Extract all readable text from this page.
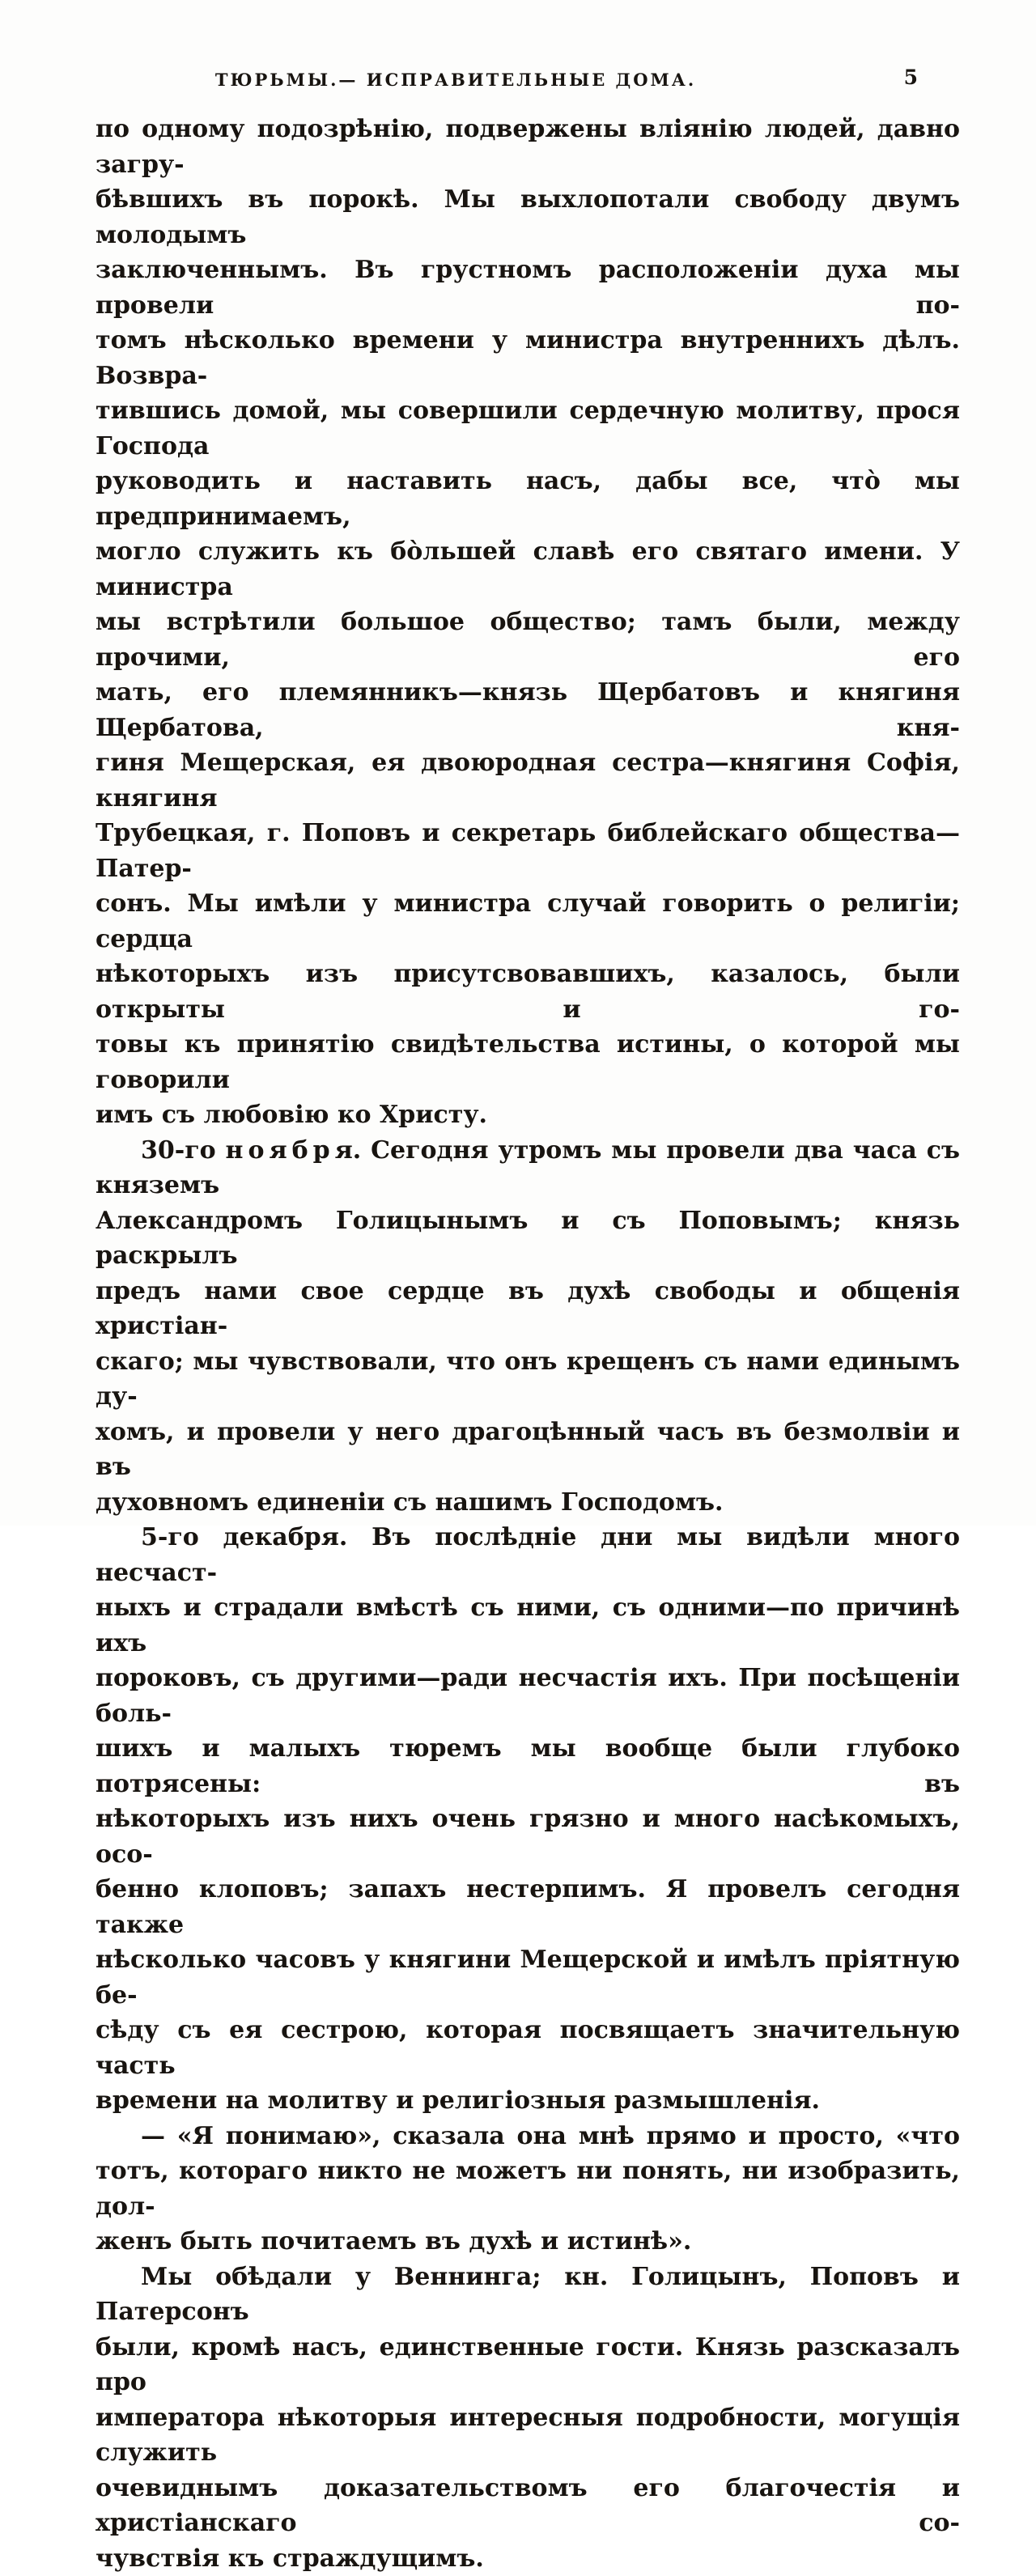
ТЮРЬМЫ.— ИСПРАВИТЕЛЬНЫЕ ДОМА.	5
по одному подозрѣнію, подвержены вліянію людей, давно загру-
бѣвшихъ въ порокѣ. Мы выхлопотали свободу двумъ молодымъ
заключеннымъ. Въ грустномъ расположеніи духа мы провели по-
томъ нѣсколько времени у министра внутреннихъ дѣлъ. Возвра-
тившись домой, мы совершили сердечную молитву, прося Господа
руководить и наставить насъ, дабы все, что̀ мы предпринимаемъ,
могло служить къ бо̀льшей славѣ его святаго имени. У министра
мы встрѣтили большое общество; тамъ были, между прочими, его
мать, его племянникъ—князь Щербатовъ и княгиня Щербатова, кня-
гиня Мещерская, ея двоюродная сестра—княгиня Софія, княгиня
Трубецкая, г. Поповъ и секретарь библейскаго общества—Патер-
сонъ. Мы имѣли у министра случай говорить о религіи; сердца
нѣкоторыхъ изъ присутсвовавшихъ, казалось, были открыты и го-
товы къ принятію свидѣтельства истины, о которой мы говорили
имъ съ любовію ко Христу.
30-го н о я б р я. Сегодня утромъ мы провели два часа съ княземъ
Александромъ Голицынымъ и съ Поповымъ; князь раскрылъ
предъ нами свое сердце въ духѣ свободы и общенія христіан-
скаго; мы чувствовали, что онъ крещенъ съ нами единымъ ду-
хомъ, и провели у него драгоцѣнный часъ въ безмолвіи и въ
духовномъ единеніи съ нашимъ Господомъ.
5-го декабря. Въ послѣдніе дни мы видѣли много несчаст-
ныхъ и страдали вмѣстѣ съ ними, съ одними—по причинѣ ихъ
пороковъ, съ другими—ради несчастія ихъ. При посѣщеніи боль-
шихъ и малыхъ тюремъ мы вообще были глубоко потрясены: въ
нѣкоторыхъ изъ нихъ очень грязно и много насѣкомыхъ, осо-
бенно клоповъ; запахъ нестерпимъ. Я провелъ сегодня также
нѣсколько часовъ у княгини Мещерской и имѣлъ пріятную бе-
сѣду съ ея сестрою, которая посвящаетъ значительную часть
времени на молитву и религіозныя размышленія.
— «Я понимаю», сказала она мнѣ прямо и просто, «что
тотъ, котораго никто не можетъ ни понять, ни изобразить, дол-
женъ быть почитаемъ въ духѣ и истинѣ».
Мы обѣдали у Веннинга; кн. Голицынъ, Поповъ и Патерсонъ
были, кромѣ насъ, единственные гости. Князь разсказалъ про
императора нѣкоторыя интересныя подробности, могущія служить
очевиднымъ доказательствомъ его благочестія и христіанскаго со-
чувствія къ страждущимъ.
